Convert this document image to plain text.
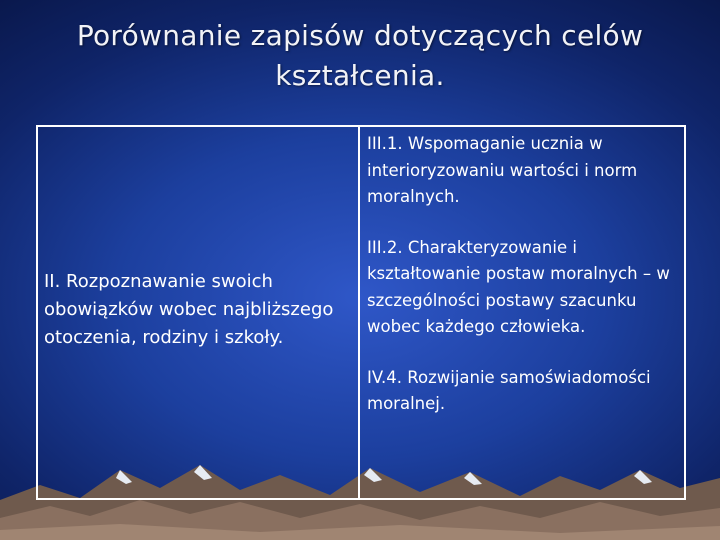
Porównanie zapisów dotyczących celów
kształcenia.
II. Rozpoznawanie swoich obowiązków wobec najbliższego otoczenia, rodziny i szkoły.
III.1. Wspomaganie ucznia w interioryzowaniu wartości i norm moralnych.
III.2. Charakteryzowanie i kształtowanie postaw moralnych – w szczególności postawy szacunku wobec każdego człowieka.
IV.4. Rozwijanie samoświadomości moralnej.
